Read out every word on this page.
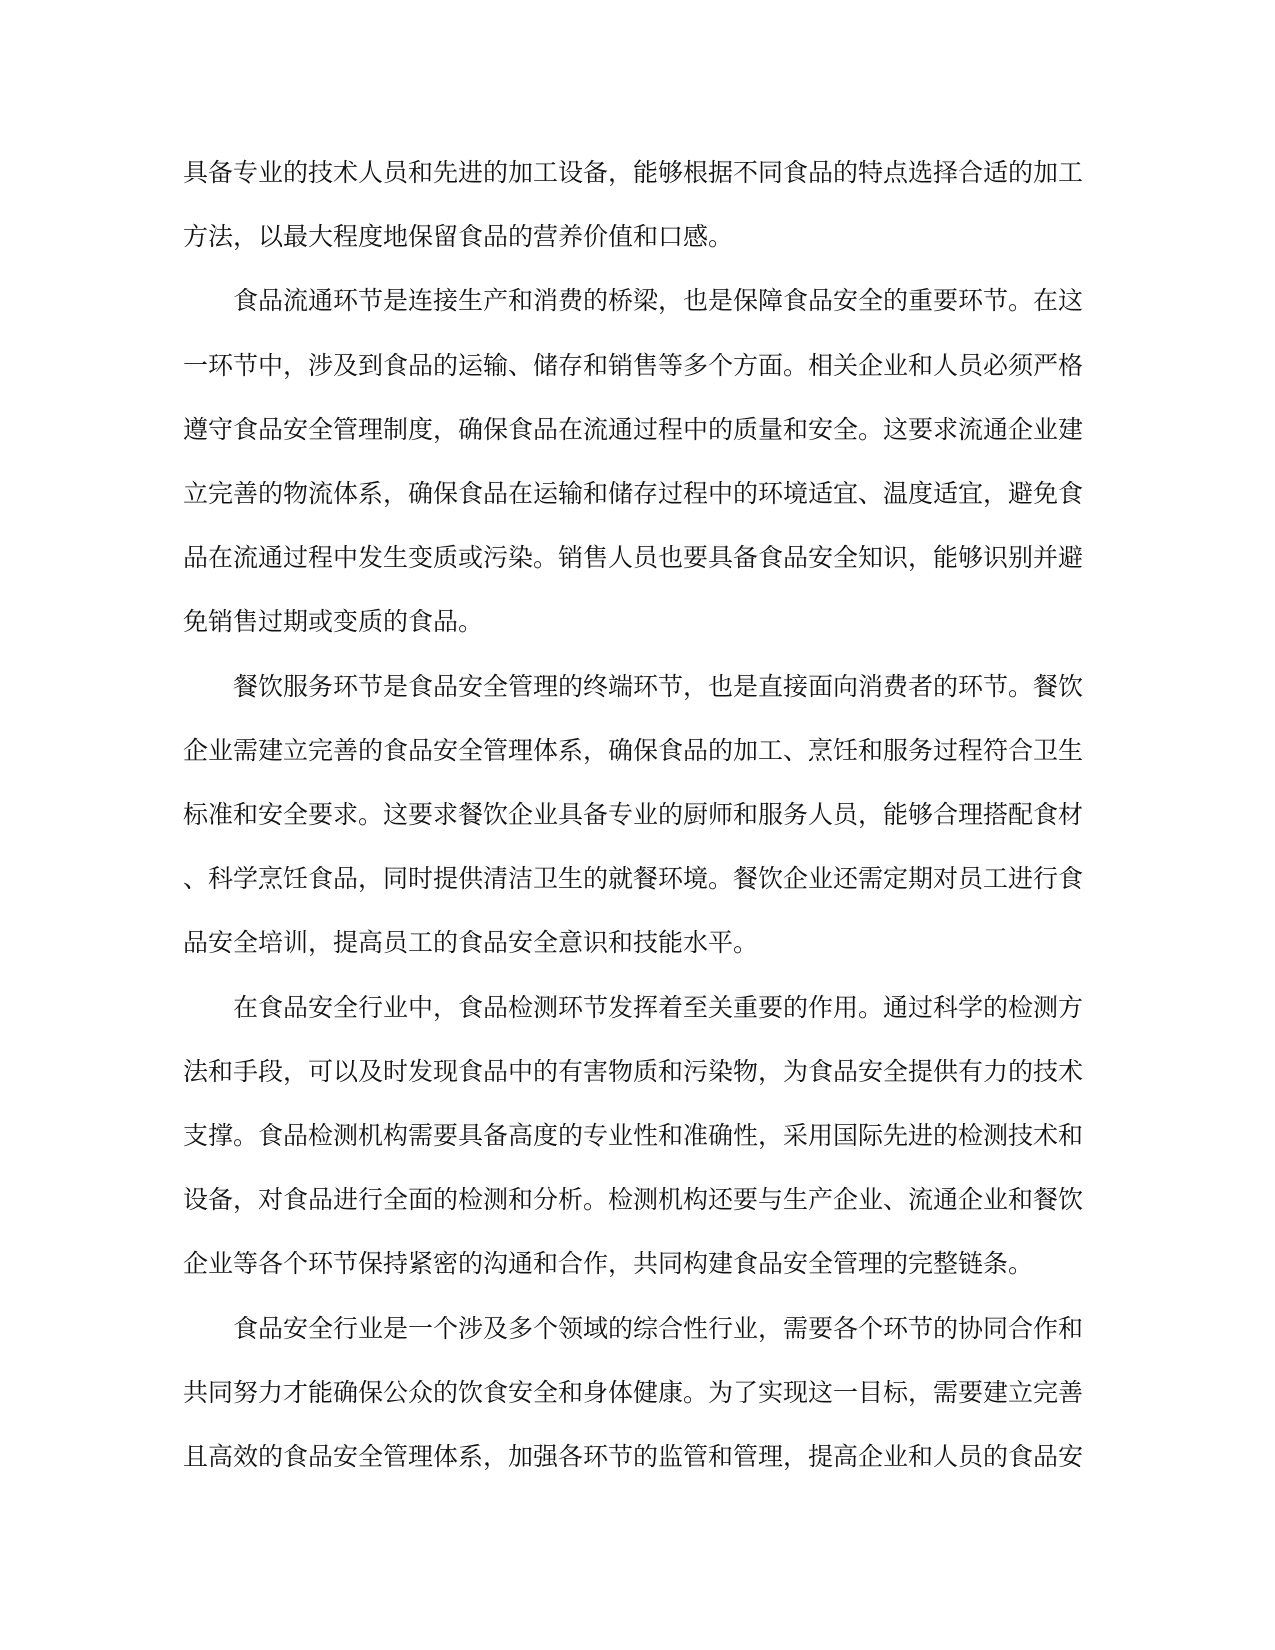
具备专业的技术人员和先进的加工设备，能够根据不同食品的特点选择合适的加工
方法，以最大程度地保留食品的营养价值和口感。

食品流通环节是连接生产和消费的桥梁，也是保障食品安全的重要环节。在这
一环节中，涉及到食品的运输、储存和销售等多个方面。相关企业和人员必须严格
遵守食品安全管理制度，确保食品在流通过程中的质量和安全。这要求流通企业建
立完善的物流体系，确保食品在运输和储存过程中的环境适宜、温度适宜，避免食
品在流通过程中发生变质或污染。销售人员也要具备食品安全知识，能够识别并避
免销售过期或变质的食品。

餐饮服务环节是食品安全管理的终端环节，也是直接面向消费者的环节。餐饮
企业需建立完善的食品安全管理体系，确保食品的加工、烹饪和服务过程符合卫生
标准和安全要求。这要求餐饮企业具备专业的厨师和服务人员，能够合理搭配食材
、科学烹饪食品，同时提供清洁卫生的就餐环境。餐饮企业还需定期对员工进行食
品安全培训，提高员工的食品安全意识和技能水平。

在食品安全行业中，食品检测环节发挥着至关重要的作用。通过科学的检测方
法和手段，可以及时发现食品中的有害物质和污染物，为食品安全提供有力的技术
支撑。食品检测机构需要具备高度的专业性和准确性，采用国际先进的检测技术和
设备，对食品进行全面的检测和分析。检测机构还要与生产企业、流通企业和餐饮
企业等各个环节保持紧密的沟通和合作，共同构建食品安全管理的完整链条。

食品安全行业是一个涉及多个领域的综合性行业，需要各个环节的协同合作和
共同努力才能确保公众的饮食安全和身体健康。为了实现这一目标，需要建立完善
且高效的食品安全管理体系，加强各环节的监管和管理，提高企业和人员的食品安
